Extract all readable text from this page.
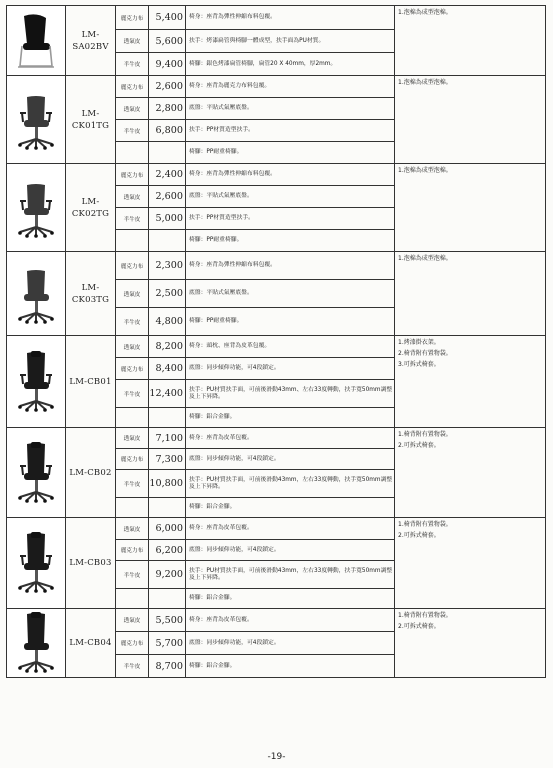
	LM-SA02BV	麗克力布	5,400	椅身：座背為彈性伸縮布料包覆。	1.泡棉為成型泡棉。

		透氣皮	5,600	扶手：烤漆扁管與椅腳一體成型，扶手面為PU材質。	
		半牛皮	9,400	椅腳：銀色烤漆扁管椅腳，扁管20 X 40mm，厚2mm。	

	LM-CK01TG	麗克力布	2,600	椅身：座背為麗克力布料包覆。	1.泡棉為成型泡棉。

		透氣皮	2,800	底盤：平貼式氣壓底盤。	
		半牛皮	6,800	扶手：PP材質造型扶手。	
				椅腳：PP耐重椅腳。	

	LM-CK02TG	麗克力布	2,400	椅身：座背為彈性伸縮布料包覆。	1.泡棉為成型泡棉。

		透氣皮	2,600	底盤：平貼式氣壓底盤。	
		半牛皮	5,000	扶手：PP材質造型扶手。	
				椅腳：PP耐重椅腳。	

	LM-CK03TG	麗克力布	2,300	椅身：座背為彈性伸縮布料包覆。	1.泡棉為成型泡棉。

		透氣皮	2,500	底盤：平貼式氣壓底盤。	
		半牛皮	4,800	椅腳：PP耐重椅腳。	

	LM-CB01	透氣皮	8,200	椅身：頭枕、座背為皮革包覆。	1.烤漆掛衣架。
2.椅背附有置物袋。
3.可拆式椅套。

		麗克力布	8,400	底盤：同步傾仰功能，可4段鎖定。	
		半牛皮	12,400	扶手：PU材質扶手面，可前後滑動43mm、左右33度轉動，扶手寬50mm調整及上下昇降。	
				椅腳：鋁合金腳。	

	LM-CB02	透氣皮	7,100	椅身：座背為皮革包覆。	1.椅背附有置物袋。
2.可拆式椅套。

		麗克力布	7,300	底盤：同步傾仰功能，可4段鎖定。	
		半牛皮	10,800	扶手：PU材質扶手面，可前後滑動43mm，左右33度轉動，扶手寬50mm調整及上下昇降。	
				椅腳：鋁合金腳。	

	LM-CB03	透氣皮	6,000	椅身：座背為皮革包覆。	1.椅背附有置物袋。
2.可拆式椅套。

		麗克力布	6,200	底盤：同步傾仰功能，可4段鎖定。	
		半牛皮	9,200	扶手：PU材質扶手面，可前後滑動43mm，左右33度轉動，扶手寬50mm調整及上下昇降。	
				椅腳：鋁合金腳。	

	LM-CB04	透氣皮	5,500	椅身：座背為皮革包覆。	1.椅背附有置物袋。
2.可拆式椅套。

		麗克力布	5,700	底盤：同步傾仰功能，可4段鎖定。	
		半牛皮	8,700	椅腳：鋁合金腳。	
-19-
